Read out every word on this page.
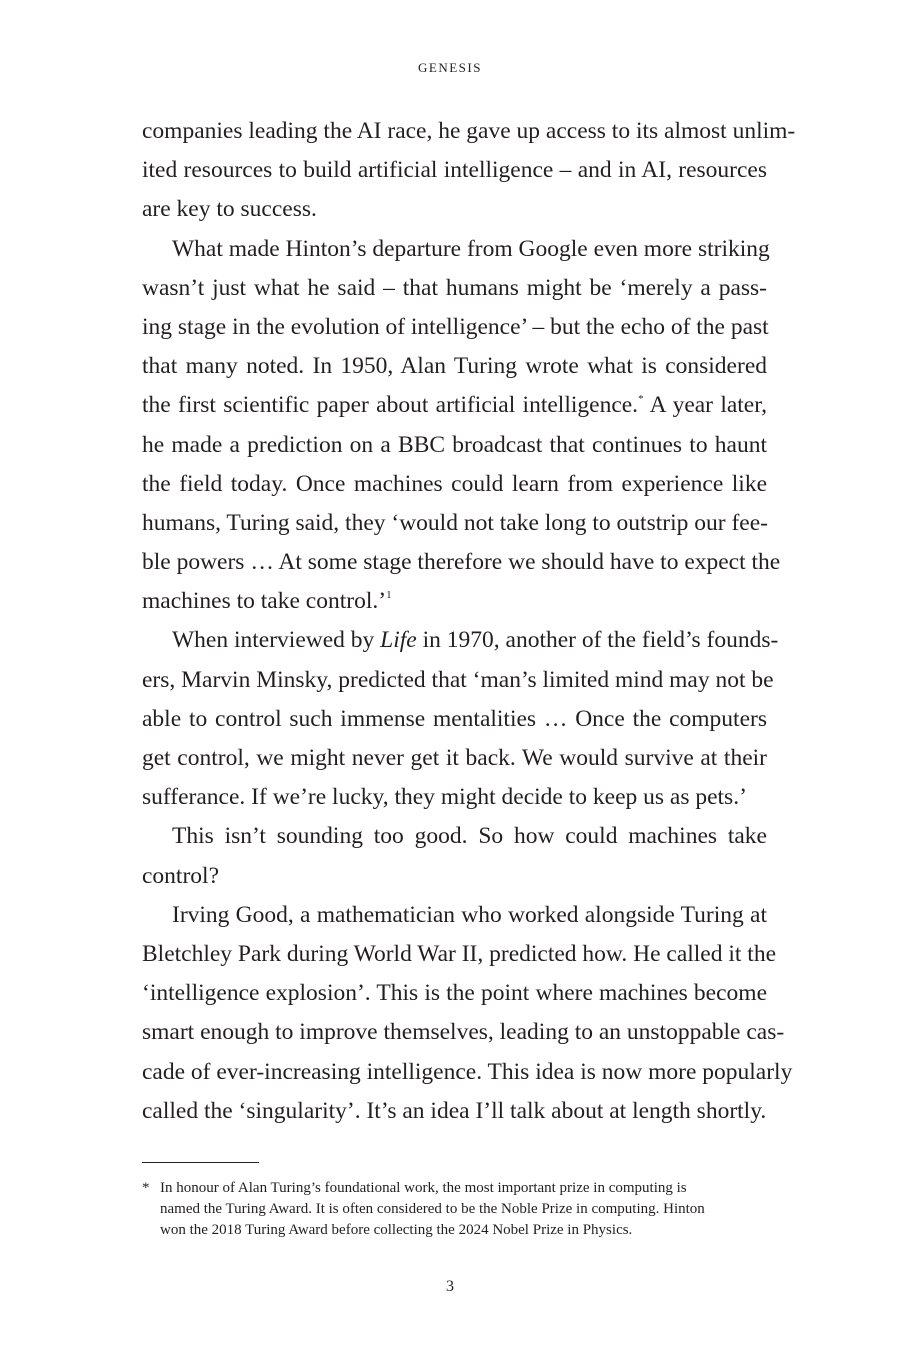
GENESIS

companies leading the AI race, he gave up access to its almost unlim-
ited resources to build artificial intelligence – and in AI, resources
are key to success.

What made Hinton’s departure from Google even more striking
wasn’t just what he said – that humans might be ‘merely a pass-
ing stage in the evolution of intelligence’ – but the echo of the past
that many noted. In 1950, Alan Turing wrote what is considered
the first scientific paper about artificial intelligence.* A year later,
he made a prediction on a BBC broadcast that continues to haunt
the field today. Once machines could learn from experience like
humans, Turing said, they ‘would not take long to outstrip our fee-
ble powers … At some stage therefore we should have to expect the
machines to take control.’$^1$

When interviewed by Life in 1970, another of the field’s founds-
ers, Marvin Minsky, predicted that ‘man’s limited mind may not be
able to control such immense mentalities … Once the computers
get control, we might never get it back. We would survive at their
sufferance. If we’re lucky, they might decide to keep us as pets.’

This isn’t sounding too good. So how could machines take
control?

Irving Good, a mathematician who worked alongside Turing at
Bletchley Park during World War II, predicted how. He called it the
‘intelligence explosion’. This is the point where machines become
smart enough to improve themselves, leading to an unstoppable cas-
cade of ever-increasing intelligence. This idea is now more popularly
called the ‘singularity’. It’s an idea I’ll talk about at length shortly.

* In honour of Alan Turing’s foundational work, the most important prize in computing is
named the Turing Award. It is often considered to be the Noble Prize in computing. Hinton
won the 2018 Turing Award before collecting the 2024 Nobel Prize in Physics.
3
